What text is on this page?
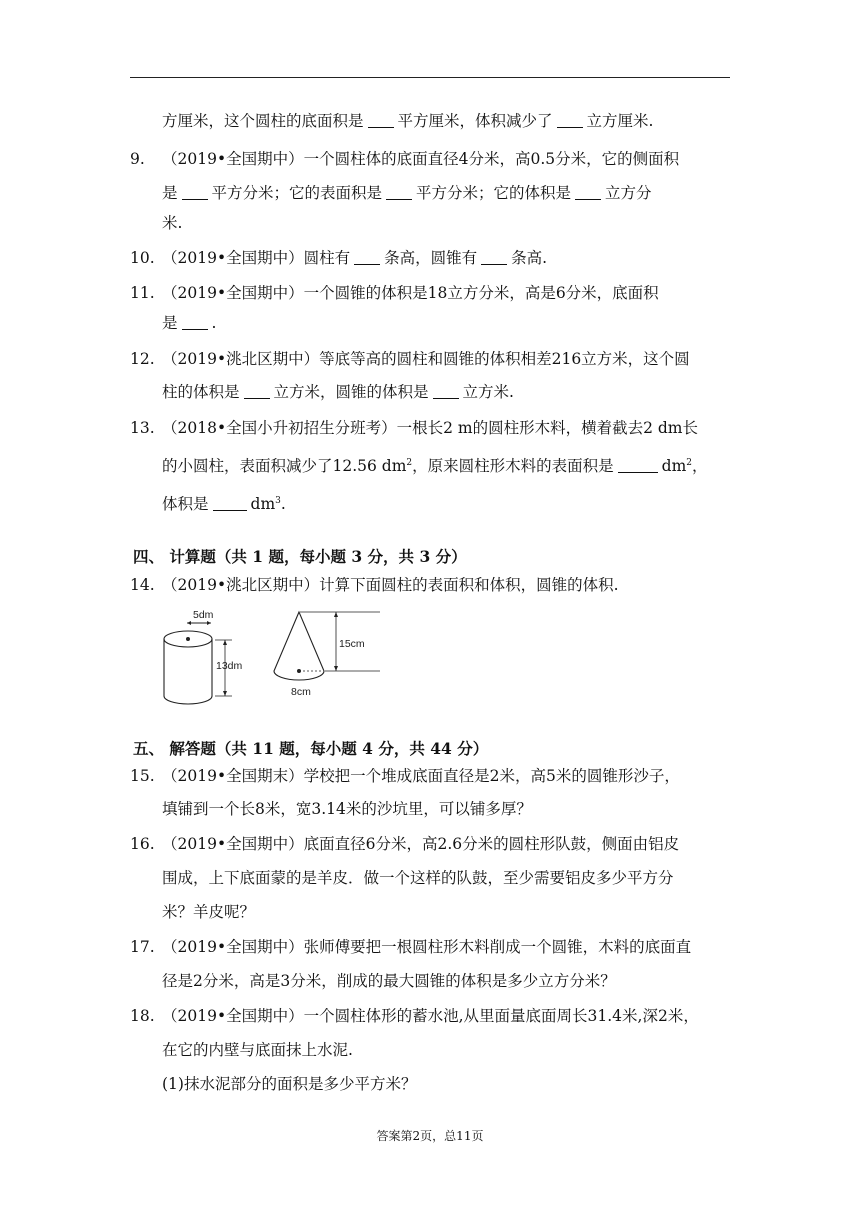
方厘米，这个圆柱的底面积是 平方厘米，体积减少了 立方厘米.
9. （2019•全国期中）一个圆柱体的底面直径4分米，高0.5分米，它的侧面积
是 平方分米；它的表面积是 平方分米；它的体积是 立方分
米.
10. （2019•全国期中）圆柱有 条高，圆锥有 条高.
11. （2019•全国期中）一个圆锥的体积是18立方分米，高是6分米，底面积
是 .
12. （2019•洮北区期中）等底等高的圆柱和圆锥的体积相差216立方米，这个圆
柱的体积是 立方米，圆锥的体积是 立方米.
13. （2018•全国小升初招生分班考）一根长2 m的圆柱形木料，横着截去2 dm长
的小圆柱，表面积减少了12.56 $dm^2$，原来圆柱形木料的表面积是	$dm^2$，
体积是	$dm^3$.
四、 计算题（共 1 题，每小题 3 分，共 3 分）
14. （2019•洮北区期中）计算下面圆柱的表面积和体积，圆锥的体积.
5dm
13dm
15cm
8cm
五、 解答题（共 11 题，每小题 4 分，共 44 分）
15. （2019•全国期末）学校把一个堆成底面直径是2米，高5米的圆锥形沙子，
填铺到一个长8米，宽3.14米的沙坑里，可以铺多厚？
16. （2019•全国期中）底面直径6分米，高2.6分米的圆柱形队鼓，侧面由铝皮
围成，上下底面蒙的是羊皮．做一个这样的队鼓，至少需要铝皮多少平方分
米？羊皮呢？
17. （2019•全国期中）张师傅要把一根圆柱形木料削成一个圆锥，木料的底面直
径是2分米，高是3分米，削成的最大圆锥的体积是多少立方分米？
18. （2019•全国期中）一个圆柱体形的蓄水池,从里面量底面周长31.4米,深2米，
在它的内壁与底面抹上水泥.
(1)抹水泥部分的面积是多少平方米？
答案第2页，总11页
